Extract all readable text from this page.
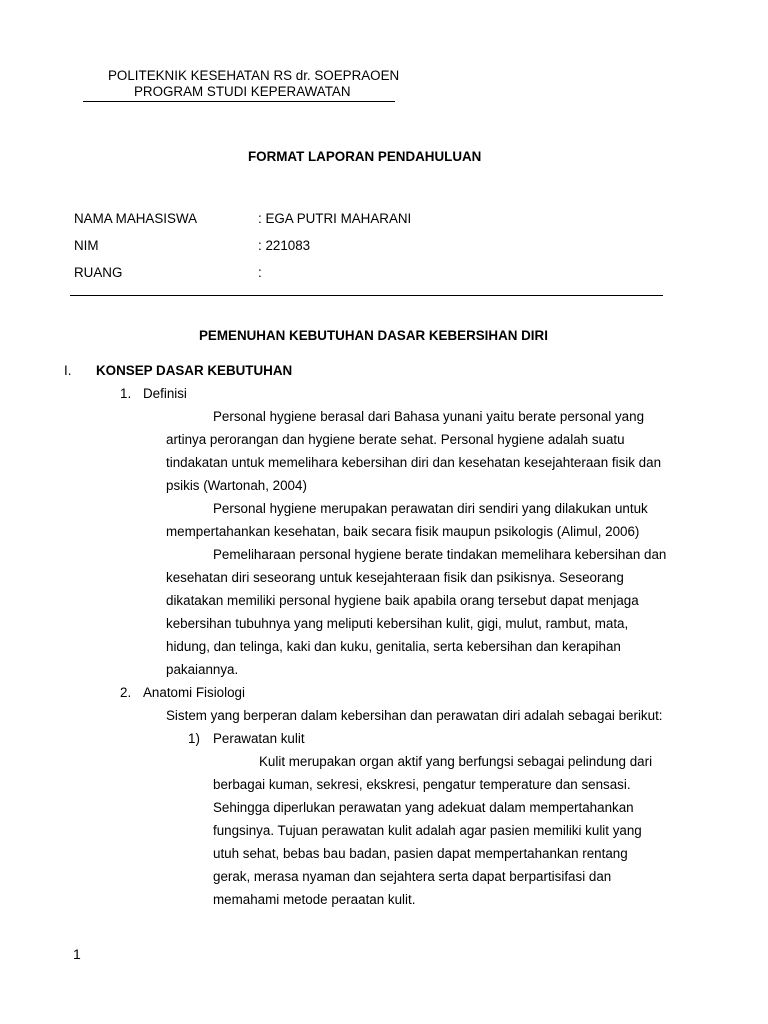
POLITEKNIK KESEHATAN RS dr. SOEPRAOEN
PROGRAM STUDI KEPERAWATAN
FORMAT LAPORAN PENDAHULUAN
NAMA MAHASISWA	: EGA PUTRI MAHARANI
NIM	: 221083
RUANG	:
PEMENUHAN KEBUTUHAN DASAR KEBERSIHAN DIRI
I. KONSEP DASAR KEBUTUHAN
1. Definisi
Personal hygiene berasal dari Bahasa yunani yaitu berate personal yang
artinya perorangan dan hygiene berate sehat. Personal hygiene adalah suatu
tindakatan untuk memelihara kebersihan diri dan kesehatan kesejahteraan fisik dan
psikis (Wartonah, 2004)
Personal hygiene merupakan perawatan diri sendiri yang dilakukan untuk
mempertahankan kesehatan, baik secara fisik maupun psikologis (Alimul, 2006)
Pemeliharaan personal hygiene berate tindakan memelihara kebersihan dan
kesehatan diri seseorang untuk kesejahteraan fisik dan psikisnya. Seseorang
dikatakan memiliki personal hygiene baik apabila orang tersebut dapat menjaga
kebersihan tubuhnya yang meliputi kebersihan kulit, gigi, mulut, rambut, mata,
hidung, dan telinga, kaki dan kuku, genitalia, serta kebersihan dan kerapihan
pakaiannya.
2. Anatomi Fisiologi
Sistem yang berperan dalam kebersihan dan perawatan diri adalah sebagai berikut:
1) Perawatan kulit
Kulit merupakan organ aktif yang berfungsi sebagai pelindung dari
berbagai kuman, sekresi, ekskresi, pengatur temperature dan sensasi.
Sehingga diperlukan perawatan yang adekuat dalam mempertahankan
fungsinya. Tujuan perawatan kulit adalah agar pasien memiliki kulit yang
utuh sehat, bebas bau badan, pasien dapat mempertahankan rentang
gerak, merasa nyaman dan sejahtera serta dapat berpartisifasi dan
memahami metode peraatan kulit.
1
